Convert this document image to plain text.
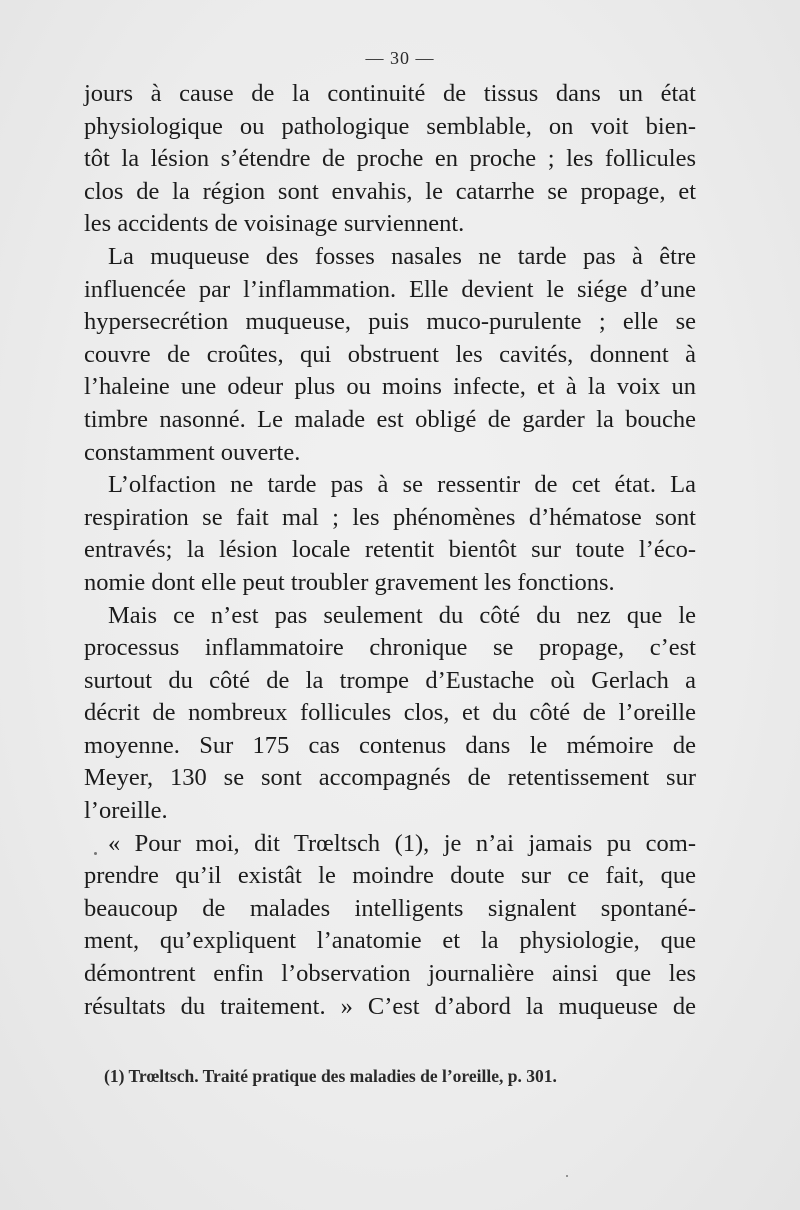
— 30 —
jours à cause de la continuité de tissus dans un état
physiologique ou pathologique semblable, on voit bien-
tôt la lésion s’étendre de proche en proche ; les follicules
clos de la région sont envahis, le catarrhe se propage, et
les accidents de voisinage surviennent.
La muqueuse des fosses nasales ne tarde pas à être
influencée par l’inflammation. Elle devient le siége d’une
hypersecrétion muqueuse, puis muco-purulente ; elle se
couvre de croûtes, qui obstruent les cavités, donnent à
l’haleine une odeur plus ou moins infecte, et à la voix un
timbre nasonné. Le malade est obligé de garder la bouche
constamment ouverte.
L’olfaction ne tarde pas à se ressentir de cet état. La
respiration se fait mal ; les phénomènes d’hématose sont
entravés; la lésion locale retentit bientôt sur toute l’éco-
nomie dont elle peut troubler gravement les fonctions.
Mais ce n’est pas seulement du côté du nez que le
processus inflammatoire chronique se propage, c’est
surtout du côté de la trompe d’Eustache où Gerlach a
décrit de nombreux follicules clos, et du côté de l’oreille
moyenne. Sur 175 cas contenus dans le mémoire de
Meyer, 130 se sont accompagnés de retentissement sur
l’oreille.
« Pour moi, dit Trœltsch (1), je n’ai jamais pu com-
prendre qu’il existât le moindre doute sur ce fait, que
beaucoup de malades intelligents signalent spontané-
ment, qu’expliquent l’anatomie et la physiologie, que
démontrent enfin l’observation journalière ainsi que les
résultats du traitement. » C’est d’abord la muqueuse de
(1) Trœltsch. Traité pratique des maladies de l’oreille, p. 301.
